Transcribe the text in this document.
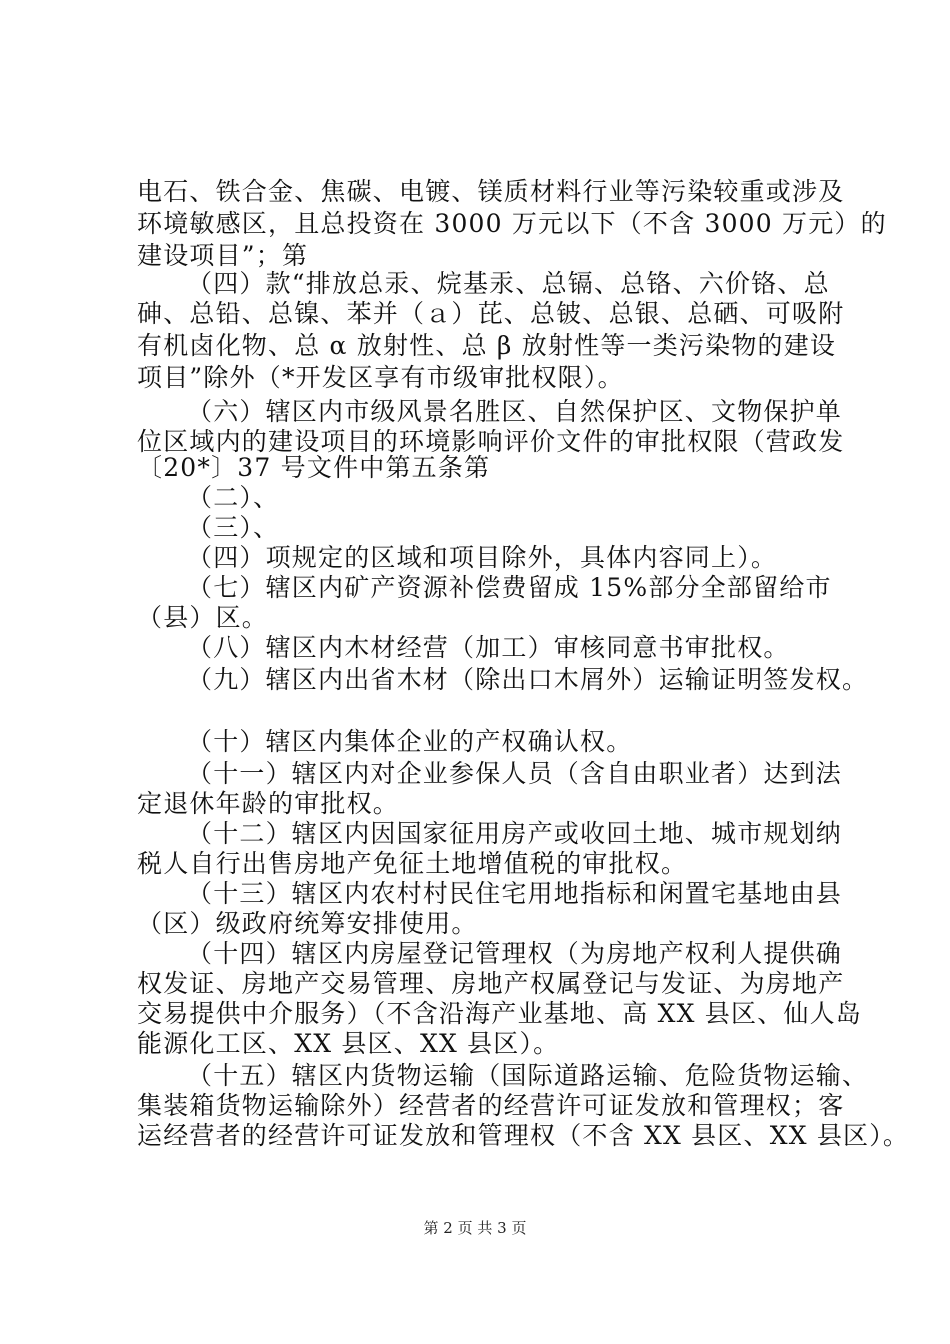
电石、铁合金、焦碳、电镀、镁质材料行业等污染较重或涉及
环境敏感区，且总投资在 3000 万元以下（不含 3000 万元）的
建设项目”；第
（四）款“排放总汞、烷基汞、总镉、总铬、六价铬、总
砷、总铅、总镍、苯并（ａ）芘、总铍、总银、总硒、可吸附
有机卤化物、总 α 放射性、总 β 放射性等一类污染物的建设
项目”除外（*开发区享有市级审批权限）。
（六）辖区内市级风景名胜区、自然保护区、文物保护单
位区域内的建设项目的环境影响评价文件的审批权限（营政发
〔20*〕37 号文件中第五条第
（二）、
（三）、
（四）项规定的区域和项目除外，具体内容同上）。
（七）辖区内矿产资源补偿费留成 15%部分全部留给市
（县）区。
（八）辖区内木材经营（加工）审核同意书审批权。
（九）辖区内出省木材（除出口木屑外）运输证明签发权。
（十）辖区内集体企业的产权确认权。
（十一）辖区内对企业参保人员（含自由职业者）达到法
定退休年龄的审批权。
（十二）辖区内因国家征用房产或收回土地、城市规划纳
税人自行出售房地产免征土地增值税的审批权。
（十三）辖区内农村村民住宅用地指标和闲置宅基地由县
（区）级政府统筹安排使用。
（十四）辖区内房屋登记管理权（为房地产权利人提供确
权发证、房地产交易管理、房地产权属登记与发证、为房地产
交易提供中介服务）（不含沿海产业基地、高 XX 县区、仙人岛
能源化工区、XX 县区、XX 县区）。
（十五）辖区内货物运输（国际道路运输、危险货物运输、
集装箱货物运输除外）经营者的经营许可证发放和管理权；客
运经营者的经营许可证发放和管理权（不含 XX 县区、XX 县区）。
第 2 页 共 3 页
